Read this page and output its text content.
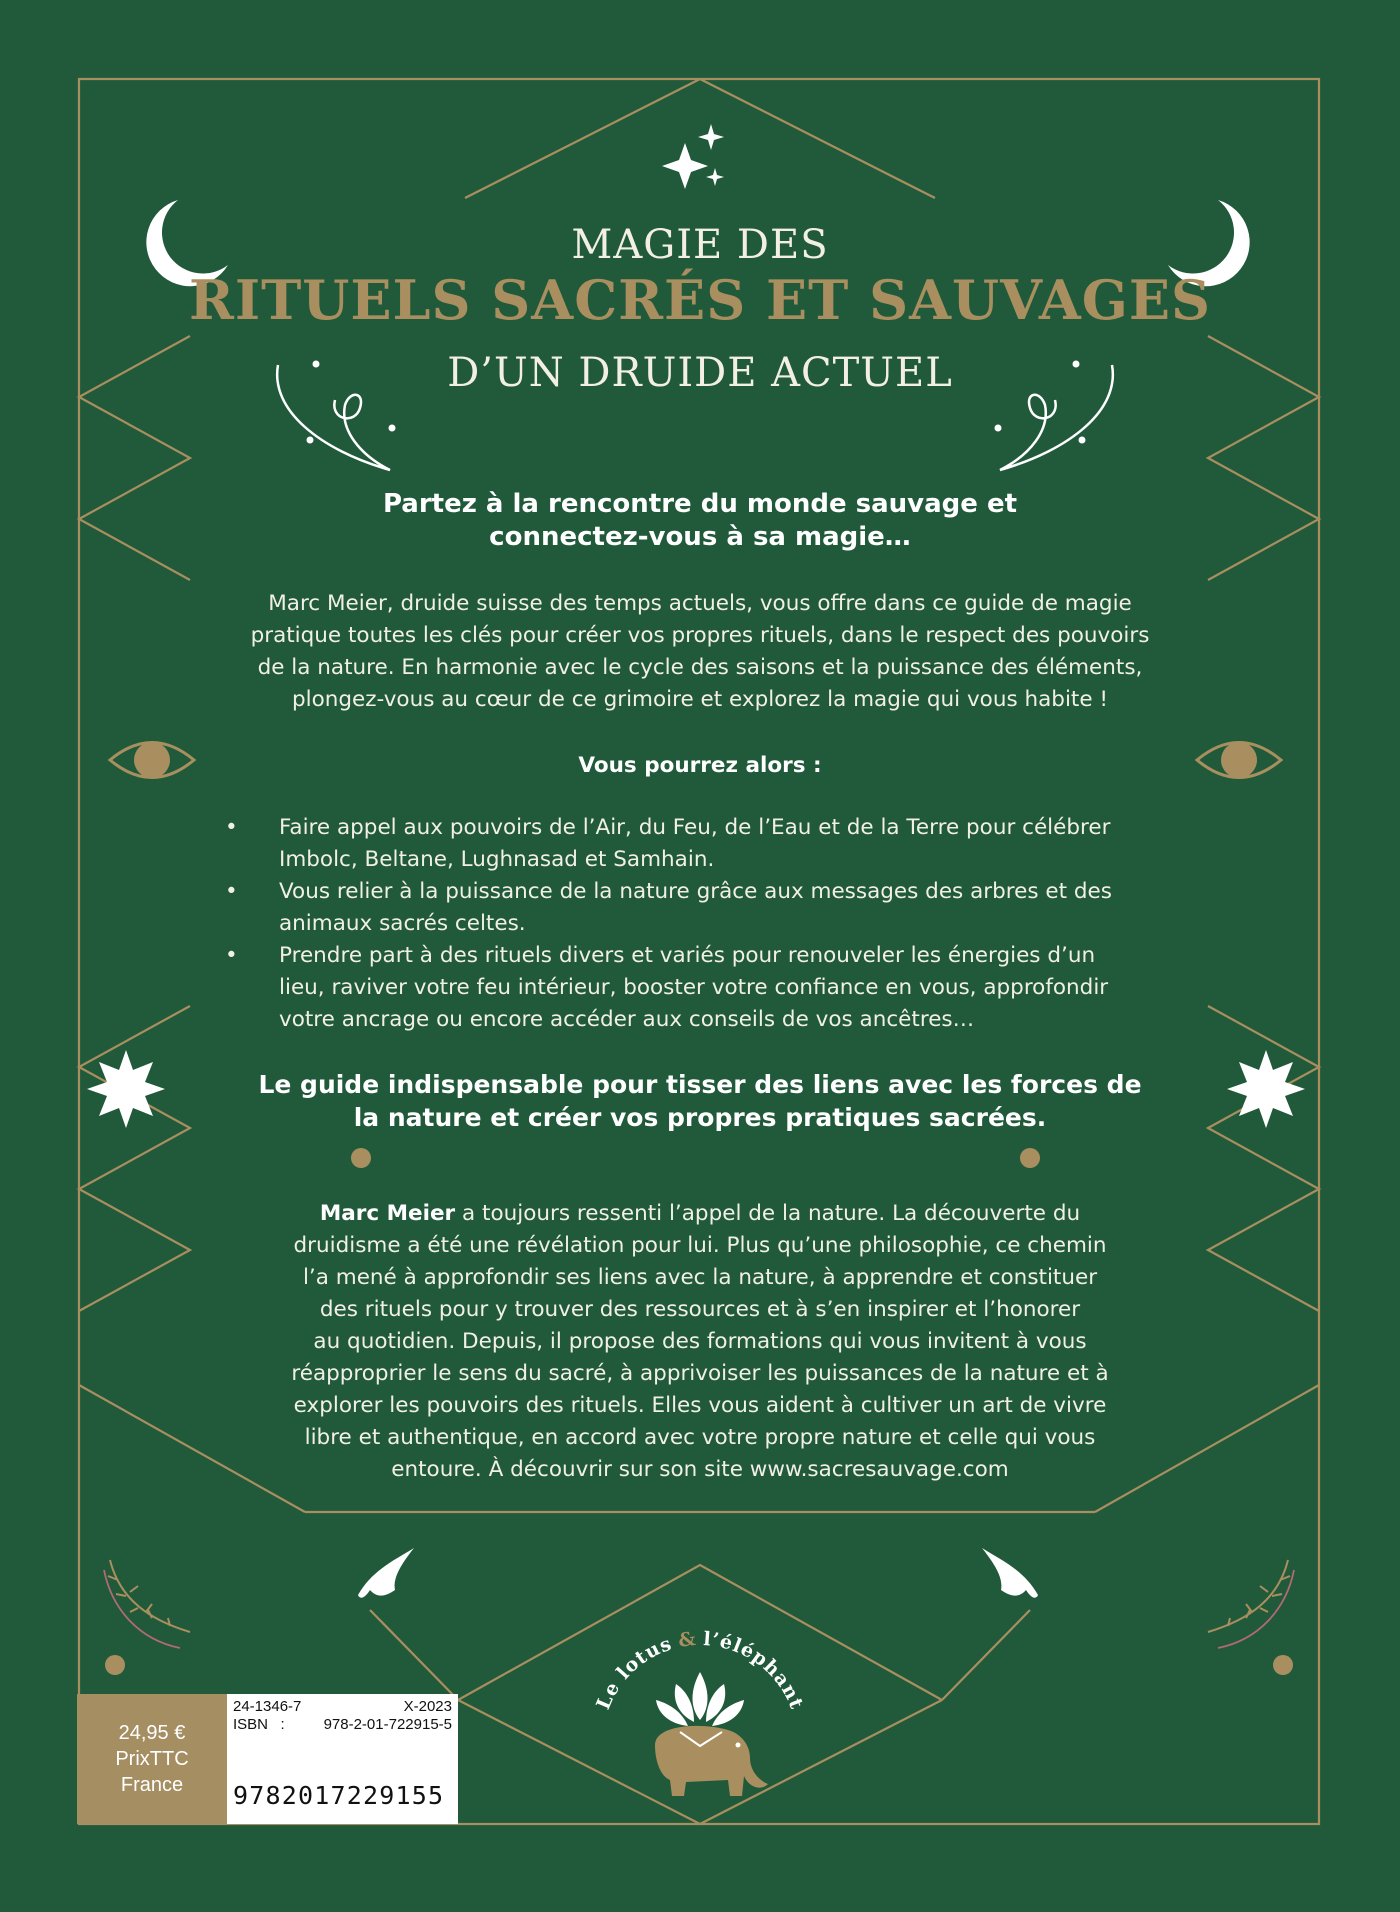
Le lotus & l’éléphant
MAGIE DES
RITUELS SACRÉS ET SAUVAGES
D’UN DRUIDE ACTUEL
Partez à la rencontre du monde sauvage et
connectez-vous à sa magie…
Marc Meier, druide suisse des temps actuels, vous offre dans ce guide de magie
pratique toutes les clés pour créer vos propres rituels, dans le respect des pouvoirs
de la nature. En harmonie avec le cycle des saisons et la puissance des éléments,
plongez-vous au cœur de ce grimoire et explorez la magie qui vous habite !
Vous pourrez alors :
• Faire appel aux pouvoirs de l’Air, du Feu, de l’Eau et de la Terre pour célébrer
Imbolc, Beltane, Lughnasad et Samhain.
• Vous relier à la puissance de la nature grâce aux messages des arbres et des
animaux sacrés celtes.
• Prendre part à des rituels divers et variés pour renouveler les énergies d’un
lieu, raviver votre feu intérieur, booster votre confiance en vous, approfondir
votre ancrage ou encore accéder aux conseils de vos ancêtres…
Le guide indispensable pour tisser des liens avec les forces de
la nature et créer vos propres pratiques sacrées.
Marc Meier a toujours ressenti l’appel de la nature. La découverte du
druidisme a été une révélation pour lui. Plus qu’une philosophie, ce chemin
l’a mené à approfondir ses liens avec la nature, à apprendre et constituer
des rituels pour y trouver des ressources et à s’en inspirer et l’honorer
au quotidien. Depuis, il propose des formations qui vous invitent à vous
réapproprier le sens du sacré, à apprivoiser les puissances de la nature et à
explorer les pouvoirs des rituels. Elles vous aident à cultiver un art de vivre
libre et authentique, en accord avec votre propre nature et celle qui vous
entoure. À découvrir sur son site www.sacresauvage.com
24,95 €
PrixTTC
France
24-1346-7	X-2023
ISBN :	978-2-01-722915-5
9782017229155
